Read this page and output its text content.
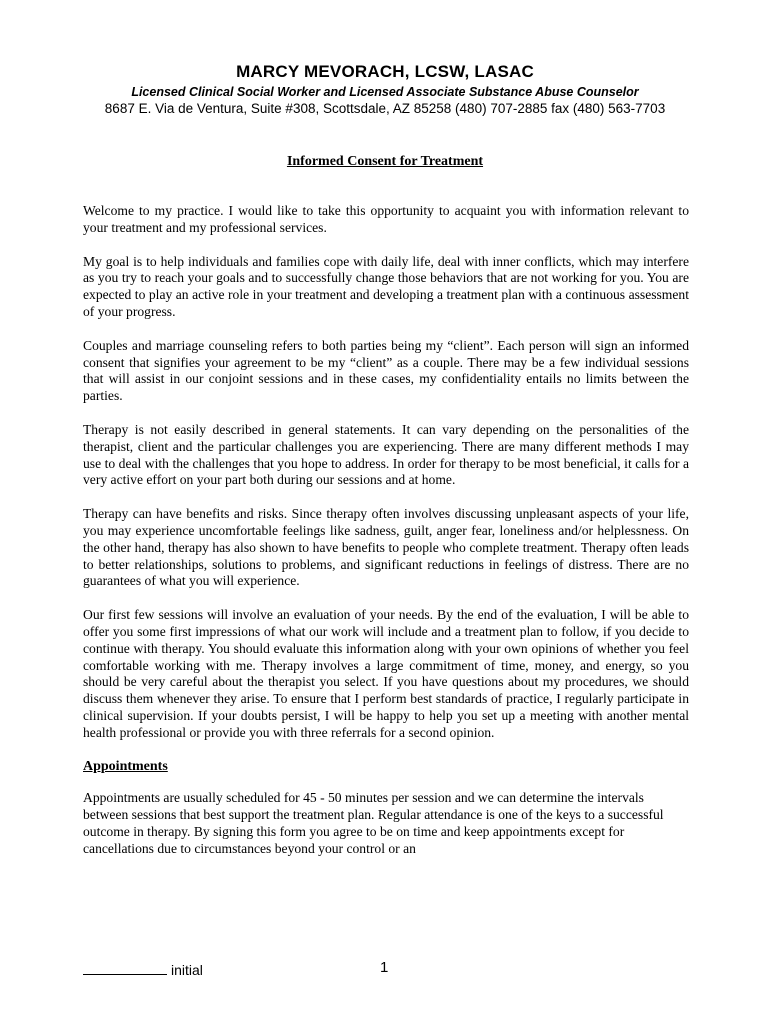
MARCY MEVORACH, LCSW, LASAC
Licensed Clinical Social Worker and Licensed Associate Substance Abuse Counselor
8687 E. Via de Ventura, Suite #308, Scottsdale, AZ 85258 (480) 707-2885 fax (480) 563-7703
Informed Consent for Treatment

Welcome to my practice. I would like to take this opportunity to acquaint you with information relevant to your treatment and my professional services.

My goal is to help individuals and families cope with daily life, deal with inner conflicts, which may interfere as you try to reach your goals and to successfully change those behaviors that are not working for you. You are expected to play an active role in your treatment and developing a treatment plan with a continuous assessment of your progress.

Couples and marriage counseling refers to both parties being my “client”. Each person will sign an informed consent that signifies your agreement to be my “client” as a couple. There may be a few individual sessions that will assist in our conjoint sessions and in these cases, my confidentiality entails no limits between the parties.

Therapy is not easily described in general statements. It can vary depending on the personalities of the therapist, client and the particular challenges you are experiencing. There are many different methods I may use to deal with the challenges that you hope to address. In order for therapy to be most beneficial, it calls for a very active effort on your part both during our sessions and at home.

Therapy can have benefits and risks. Since therapy often involves discussing unpleasant aspects of your life, you may experience uncomfortable feelings like sadness, guilt, anger fear, loneliness and/or helplessness. On the other hand, therapy has also shown to have benefits to people who complete treatment. Therapy often leads to better relationships, solutions to problems, and significant reductions in feelings of distress. There are no guarantees of what you will experience.

Our first few sessions will involve an evaluation of your needs. By the end of the evaluation, I will be able to offer you some first impressions of what our work will include and a treatment plan to follow, if you decide to continue with therapy. You should evaluate this information along with your own opinions of whether you feel comfortable working with me. Therapy involves a large commitment of time, money, and energy, so you should be very careful about the therapist you select. If you have questions about my procedures, we should discuss them whenever they arise. To ensure that I perform best standards of practice, I regularly participate in clinical supervision. If your doubts persist, I will be happy to help you set up a meeting with another mental health professional or provide you with three referrals for a second opinion.

Appointments

Appointments are usually scheduled for 45 - 50 minutes per session and we can determine the intervals between sessions that best support the treatment plan. Regular attendance is one of the keys to a successful outcome in therapy. By signing this form you agree to be on time and keep appointments except for cancellations due to circumstances beyond your control or an

initial	1
